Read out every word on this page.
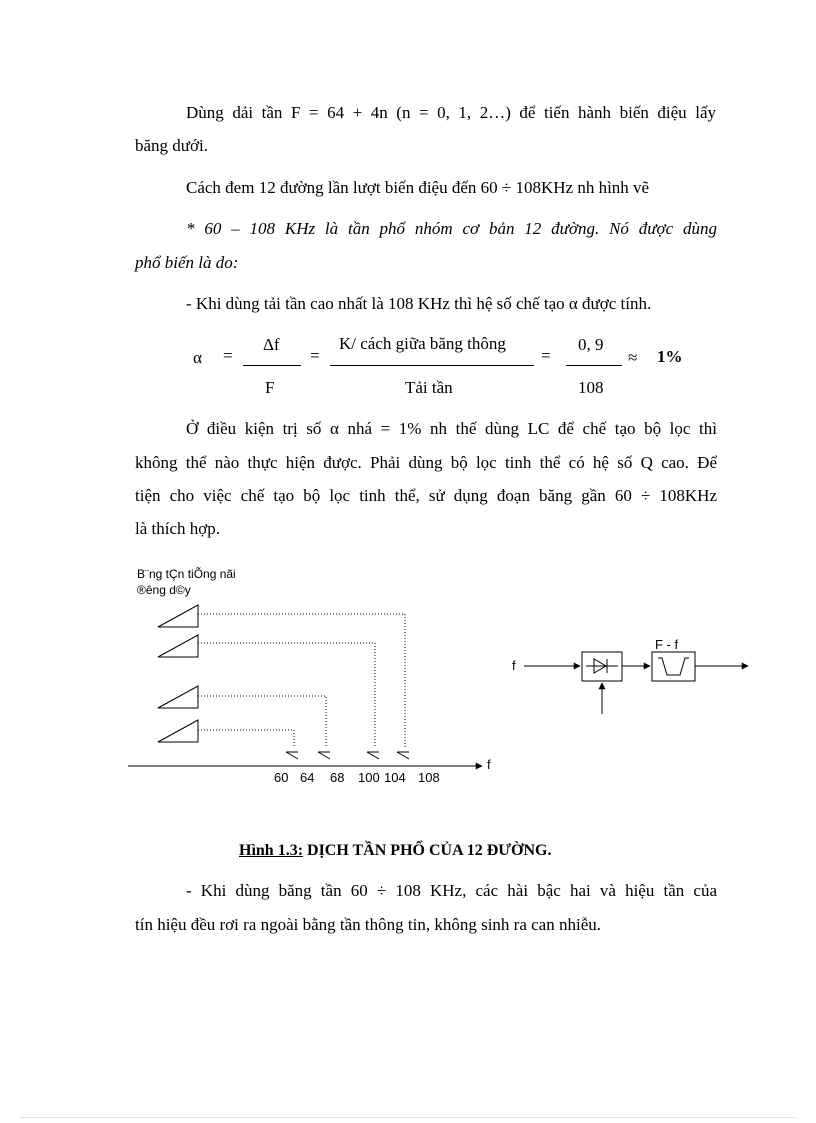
Dùng dải tần F = 64 + 4n (n = 0, 1, 2…) để tiến hành biến điệu lấy
băng dưới.
Cách đem 12 đường lần lượt biến điệu đến 60 ÷ 108KHz nh hình vẽ
* 60 – 108 KHz là tần phổ nhóm cơ bản 12 đường. Nó được dùng
phổ biến là do:
- Khi dùng tải tần cao nhất là 108 KHz thì hệ số chế tạo α được tính.
α =
Δf
F
=
K/ cách giữa băng thông
Tải tần
=
0, 9
108
≈ 1%
Ở điều kiện trị số α nhá = 1% nh thế dùng LC để chế tạo bộ lọc thì
không thể nào thực hiện được. Phải dùng bộ lọc tinh thể có hệ số Q cao. Để
tiện cho việc chế tạo bộ lọc tinh thể, sử dụng đoạn băng gần 60 ÷ 108KHz
là thích hợp.
B¨ng tÇn tiÕng nãi
®êng d©y
f
60 64 68 100 104 108
f
F - f
Hình 1.3: DỊCH TẦN PHỔ CỦA 12 ĐƯỜNG.
- Khi dùng băng tần 60 ÷ 108 KHz, các hài bậc hai và hiệu tần của
tín hiệu đều rơi ra ngoài bằng tần thông tin, không sinh ra can nhiễu.
